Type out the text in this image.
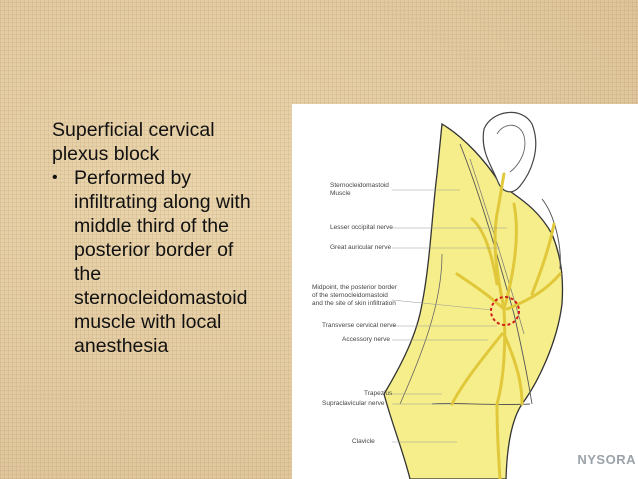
Superficial cervical
plexus block

• Performed by
infiltrating along with
middle third of the
posterior border of
the
sternocleidomastoid
muscle with local
anesthesia
Sternocleidomastoid
Muscle
Lesser occipital nerve
Great auricular nerve
Midpoint, the posterior border
of the sternocleidomastoid
and the site of skin infiltration
Transverse cervical nerve
Accessory nerve
Trapezius
Supraclavicular nerve
Clavicle
NYSORA
